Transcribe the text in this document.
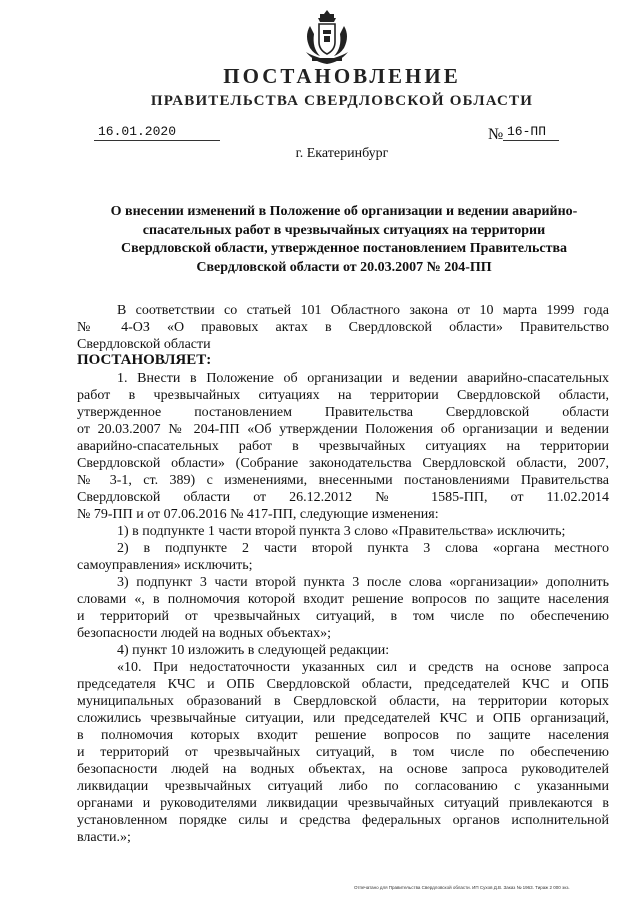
ПОСТАНОВЛЕНИЕ
ПРАВИТЕЛЬСТВА СВЕРДЛОВСКОЙ ОБЛАСТИ
16.01.2020	№ 16-ПП
г. Екатеринбург
О внесении изменений в Положение об организации и ведении аварийно-
спасательных работ в чрезвычайных ситуациях на территории
Свердловской области, утвержденное постановлением Правительства
Свердловской области от 20.03.2007 № 204-ПП
В соответствии со статьей 101 Областного закона от 10 марта 1999 года
№ 4-ОЗ «О правовых актах в Свердловской области» Правительство
Свердловской области
ПОСТАНОВЛЯЕТ:
1. Внести в Положение об организации и ведении аварийно-спасательных
работ в чрезвычайных ситуациях на территории Свердловской области,
утвержденное постановлением Правительства Свердловской области
от 20.03.2007 № 204-ПП «Об утверждении Положения об организации и ведении
аварийно-спасательных работ в чрезвычайных ситуациях на территории
Свердловской области» (Собрание законодательства Свердловской области, 2007,
№ 3-1, ст. 389) с изменениями, внесенными постановлениями Правительства
Свердловской области от 26.12.2012 № 1585-ПП, от 11.02.2014
№ 79-ПП и от 07.06.2016 № 417-ПП, следующие изменения:
1) в подпункте 1 части второй пункта 3 слово «Правительства» исключить;
2) в подпункте 2 части второй пункта 3 слова «органа местного
самоуправления» исключить;
3) подпункт 3 части второй пункта 3 после слова «организации» дополнить
словами «, в полномочия которой входит решение вопросов по защите населения
и территорий от чрезвычайных ситуаций, в том числе по обеспечению
безопасности людей на водных объектах»;
4) пункт 10 изложить в следующей редакции:
«10. При недостаточности указанных сил и средств на основе запроса
председателя КЧС и ОПБ Свердловской области, председателей КЧС и ОПБ
муниципальных образований в Свердловской области, на территории которых
сложились чрезвычайные ситуации, или председателей КЧС и ОПБ организаций,
в полномочия которых входит решение вопросов по защите населения
и территорий от чрезвычайных ситуаций, в том числе по обеспечению
безопасности людей на водных объектах, на основе запроса руководителей
ликвидации чрезвычайных ситуаций либо по согласованию с указанными
органами и руководителями ликвидации чрезвычайных ситуаций привлекаются в
установленном порядке силы и средства федеральных органов исполнительной
власти.»;
Отпечатано для Правительства Свердловской области. ИП Сухов Д.В. Заказ № 1963. Тираж 2 000 экз.
